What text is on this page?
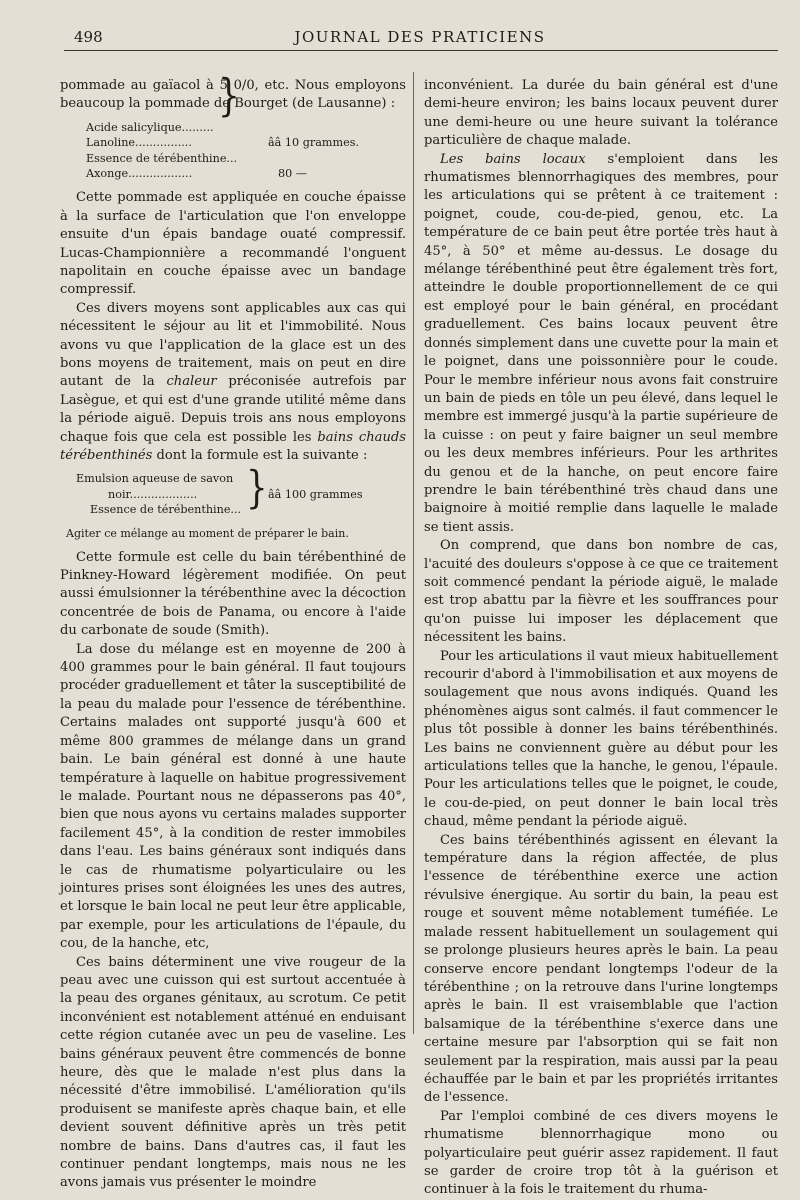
498	JOURNAL DES PRATICIENS

pommade au gaïacol à 5 0/0, etc. Nous employons beaucoup la pommade de Bourget (de Lausanne) :

Acide salicylique.........
Lanoline................	ââ 10 grammes.
Essence de térébenthine...
Axonge..................	80 —
}

Cette pommade est appliquée en couche épaisse à la surface de l'articulation que l'on enveloppe ensuite d'un épais bandage ouaté compressif. Lucas-Championnière a recommandé l'onguent napolitain en couche épaisse avec un bandage compressif.

Ces divers moyens sont applicables aux cas qui nécessitent le séjour au lit et l'immobilité. Nous avons vu que l'application de la glace est un des bons moyens de traitement, mais on peut en dire autant de la chaleur préconisée autrefois par Lasègue, et qui est d'une grande utilité même dans la période aiguë. Depuis trois ans nous employons chaque fois que cela est possible les bains chauds térébenthinés dont la formule est la suivante :

Emulsion aqueuse de savon
noir...................	ââ 100 grammes
Essence de térébenthine... }

Agiter ce mélange au moment de préparer le bain.

Cette formule est celle du bain térébenthiné de Pinkney-Howard légèrement modifiée. On peut aussi émulsionner la térébenthine avec la décoction concentrée de bois de Panama, ou encore à l'aide du carbonate de soude (Smith).

La dose du mélange est en moyenne de 200 à 400 grammes pour le bain général. Il faut toujours procéder graduellement et tâter la susceptibilité de la peau du malade pour l'essence de térébenthine. Certains malades ont supporté jusqu'à 600 et même 800 grammes de mélange dans un grand bain. Le bain général est donné à une haute température à laquelle on habitue progressivement le malade. Pourtant nous ne dépasserons pas 40°, bien que nous ayons vu certains malades supporter facilement 45°, à la condition de rester immobiles dans l'eau. Les bains généraux sont indiqués dans le cas de rhumatisme polyarticulaire ou les jointures prises sont éloignées les unes des autres, et lorsque le bain local ne peut leur être applicable, par exemple, pour les articulations de l'épaule, du cou, de la hanche, etc,

Ces bains déterminent une vive rougeur de la peau avec une cuisson qui est surtout accentuée à la peau des organes génitaux, au scrotum. Ce petit inconvénient est notablement atténué en enduisant cette région cutanée avec un peu de vaseline. Les bains généraux peuvent être commencés de bonne heure, dès que le malade n'est plus dans la nécessité d'être immobilisé. L'amélioration qu'ils produisent se manifeste après chaque bain, et elle devient souvent définitive après un très petit nombre de bains. Dans d'autres cas, il faut les continuer pendant longtemps, mais nous ne les avons jamais vus présenter le moindre

inconvénient. La durée du bain général est d'une demi-heure environ; les bains locaux peuvent durer une demi-heure ou une heure suivant la tolérance particulière de chaque malade.

Les bains locaux s'emploient dans les rhumatismes blennorrhagiques des membres, pour les articulations qui se prêtent à ce traitement : poignet, coude, cou-de-pied, genou, etc. La température de ce bain peut être portée très haut à 45°, à 50° et même au-dessus. Le dosage du mélange térébenthiné peut être également très fort, atteindre le double proportionnellement de ce qui est employé pour le bain général, en procédant graduellement. Ces bains locaux peuvent être donnés simplement dans une cuvette pour la main et le poignet, dans une poissonnière pour le coude. Pour le membre inférieur nous avons fait construire un bain de pieds en tôle un peu élevé, dans lequel le membre est immergé jusqu'à la partie supérieure de la cuisse : on peut y faire baigner un seul membre ou les deux membres inférieurs. Pour les arthrites du genou et de la hanche, on peut encore faire prendre le bain térébenthiné très chaud dans une baignoire à moitié remplie dans laquelle le malade se tient assis.

On comprend, que dans bon nombre de cas, l'acuité des douleurs s'oppose à ce que ce traitement soit commencé pendant la période aiguë, le malade est trop abattu par la fièvre et les souffrances pour qu'on puisse lui imposer les déplacement que nécessitent les bains.

Pour les articulations il vaut mieux habituellement recourir d'abord à l'immobilisation et aux moyens de soulagement que nous avons indiqués. Quand les phénomènes aigus sont calmés. il faut commencer le plus tôt possible à donner les bains térébenthinés. Les bains ne conviennent guère au début pour les articulations telles que la hanche, le genou, l'épaule. Pour les articulations telles que le poignet, le coude, le cou-de-pied, on peut donner le bain local très chaud, même pendant la période aiguë.

Ces bains térébenthinés agissent en élevant la température dans la région affectée, de plus l'essence de térébenthine exerce une action révulsive énergique. Au sortir du bain, la peau est rouge et souvent même notablement tuméfiée. Le malade ressent habituellement un soulagement qui se prolonge plusieurs heures après le bain. La peau conserve encore pendant longtemps l'odeur de la térébenthine ; on la retrouve dans l'urine longtemps après le bain. Il est vraisemblable que l'action balsamique de la térébenthine s'exerce dans une certaine mesure par l'absorption qui se fait non seulement par la respiration, mais aussi par la peau échauffée par le bain et par les propriétés irritantes de l'essence.

Par l'emploi combiné de ces divers moyens le rhumatisme blennorrhagique mono ou polyarticulaire peut guérir assez rapidement. Il faut se garder de croire trop tôt à la guérison et continuer à la fois le traitement du rhuma-
